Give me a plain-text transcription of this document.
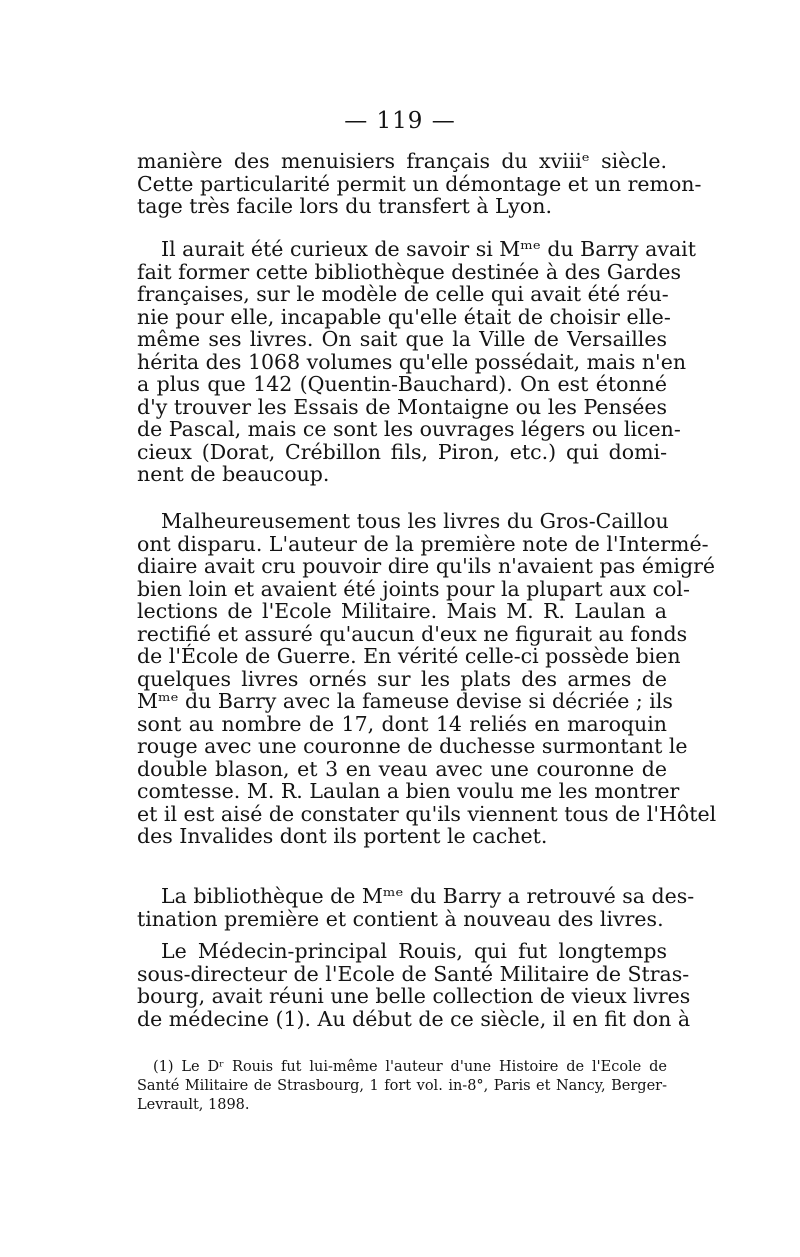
— 119 —
manière des menuisiers français du xviiiᵉ siècle.
Cette particularité permit un démontage et un remon-
tage très facile lors du transfert à Lyon.
Il aurait été curieux de savoir si Mᵐᵉ du Barry avait
fait former cette bibliothèque destinée à des Gardes
françaises, sur le modèle de celle qui avait été réu-
nie pour elle, incapable qu'elle était de choisir elle-
même ses livres. On sait que la Ville de Versailles
hérita des 1068 volumes qu'elle possédait, mais n'en
a plus que 142 (Quentin-Bauchard). On est étonné
d'y trouver les Essais de Montaigne ou les Pensées
de Pascal, mais ce sont les ouvrages légers ou licen-
cieux (Dorat, Crébillon fils, Piron, etc.) qui domi-
nent de beaucoup.
Malheureusement tous les livres du Gros-Caillou
ont disparu. L'auteur de la première note de l'Intermé-
diaire avait cru pouvoir dire qu'ils n'avaient pas émigré
bien loin et avaient été joints pour la plupart aux col-
lections de l'Ecole Militaire. Mais M. R. Laulan a
rectifié et assuré qu'aucun d'eux ne figurait au fonds
de l'École de Guerre. En vérité celle-ci possède bien
quelques livres ornés sur les plats des armes de
Mᵐᵉ du Barry avec la fameuse devise si décriée ; ils
sont au nombre de 17, dont 14 reliés en maroquin
rouge avec une couronne de duchesse surmontant le
double blason, et 3 en veau avec une couronne de
comtesse. M. R. Laulan a bien voulu me les montrer
et il est aisé de constater qu'ils viennent tous de l'Hôtel
des Invalides dont ils portent le cachet.
La bibliothèque de Mᵐᵉ du Barry a retrouvé sa des-
tination première et contient à nouveau des livres.
Le Médecin-principal Rouis, qui fut longtemps
sous-directeur de l'Ecole de Santé Militaire de Stras-
bourg, avait réuni une belle collection de vieux livres
de médecine (1). Au début de ce siècle, il en fit don à
(1) Le Dʳ Rouis fut lui-même l'auteur d'une Histoire de l'Ecole de
Santé Militaire de Strasbourg, 1 fort vol. in-8°, Paris et Nancy, Berger-
Levrault, 1898.
